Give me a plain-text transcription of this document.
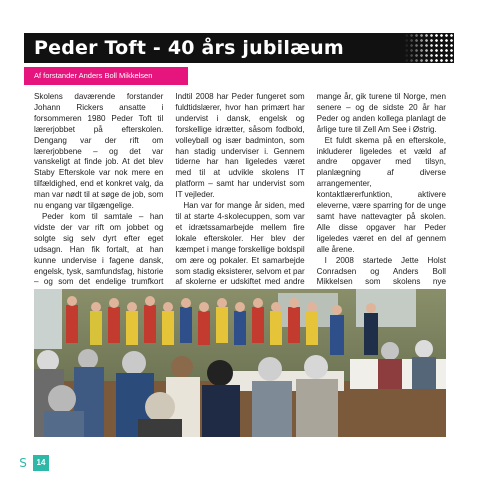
Peder Toft - 40 års jubilæum
Af forstander Anders Boll Mikkelsen

Skolens daværende forstander Johann Rickers ansatte i forsommeren 1980 Peder Toft til lærerjobbet på efterskolen. Dengang var der rift om lærerjobbene – og det var vanskeligt at finde job. At det blev Staby Efterskole var nok mere en tilfældighed, end et konkret valg, da man var nødt til at søge de job, som nu engang var tilgængelige.

Peder kom til samtale – han vidste der var rift om jobbet og solgte sig selv dyrt efter eget udsagn. Han fik fortalt, at han kunne undervise i fagene dansk, engelsk, tysk, samfundsfag, historie – og som det endelige trumfkort

Indtil 2008 har Peder fungeret som fuldtidslærer, hvor han primært har undervist i dansk, engelsk og forskellige idrætter, såsom fodbold, volleyball og især badminton, som han stadig underviser i. Gennem tiderne har han ligeledes været med til at udvikle skolens IT platform – samt har undervist som IT vejleder.

Han var for mange år siden, med til at starte 4-skolecuppen, som var et idrætssamarbejde mellem fire lokale efterskoler. Her blev der kæmpet i mange forskellige boldspil om ære og pokaler. Et samarbejde som stadig eksisterer, selvom et par af skolerne er udskiftet med andre

mange år, gik turene til Norge, men senere – og de sidste 20 år har Peder og anden kollega planlagt de årlige ture til Zell Am See i Østrig.

Et fuldt skema på en efterskole, inkluderer ligeledes et væld af andre opgaver med tilsyn, planlægning af diverse arrangementer, kontaktlærerfunktion, aktivere eleverne, være sparring for de unge samt have nattevagter på skolen. Alle disse opgaver har Peder ligeledes været en del af gennem alle årene.

I 2008 startede Jette Holst Conradsen og Anders Boll Mikkelsen som skolens nye

S	14
